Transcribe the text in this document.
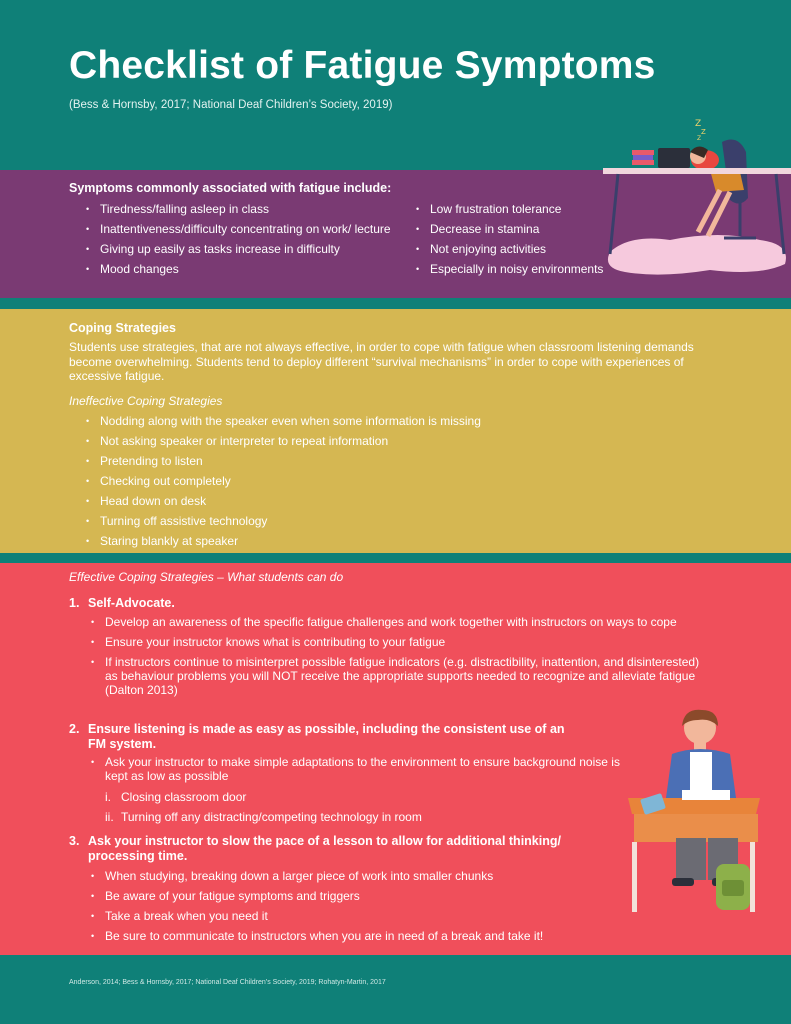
Checklist of Fatigue Symptoms
(Bess & Hornsby, 2017; National Deaf Children’s Society, 2019)
Symptoms commonly associated with fatigue include:
• Tiredness/falling asleep in class
• Inattentiveness/difficulty concentrating on work/ lecture
• Giving up easily as tasks increase in difficulty
• Mood changes
• Low frustration tolerance
• Decrease in stamina
• Not enjoying activities
• Especially in noisy environments
Z
Z
Z
Coping Strategies

Students use strategies, that are not always effective, in order to cope with fatigue when classroom listening demands become overwhelming. Students tend to deploy different “survival mechanisms” in order to cope with experiences of excessive fatigue.

Ineffective Coping Strategies
• Nodding along with the speaker even when some information is missing
• Not asking speaker or interpreter to repeat information
• Pretending to listen
• Checking out completely
• Head down on desk
• Turning off assistive technology
• Staring blankly at speaker
Effective Coping Strategies – What students can do
1. Self-Advocate.
• Develop an awareness of the specific fatigue challenges and work together with instructors on ways to cope
• Ensure your instructor knows what is contributing to your fatigue
• If instructors continue to misinterpret possible fatigue indicators (e.g. distractibility, inattention, and disinterested) as behaviour problems you will NOT receive the appropriate supports needed to recognize and alleviate fatigue (Dalton 2013)
2. Ensure listening is made as easy as possible, including the consistent use of an FM system.
• Ask your instructor to make simple adaptations to the environment to ensure background noise is kept as low as possible
i. Closing classroom door
ii. Turning off any distracting/competing technology in room
3. Ask your instructor to slow the pace of a lesson to allow for additional thinking/ processing time.
• When studying, breaking down a larger piece of work into smaller chunks
• Be aware of your fatigue symptoms and triggers
• Take a break when you need it
• Be sure to communicate to instructors when you are in need of a break and take it!
Anderson, 2014; Bess & Hornsby, 2017; National Deaf Children’s Society, 2019; Rohatyn-Martin, 2017
